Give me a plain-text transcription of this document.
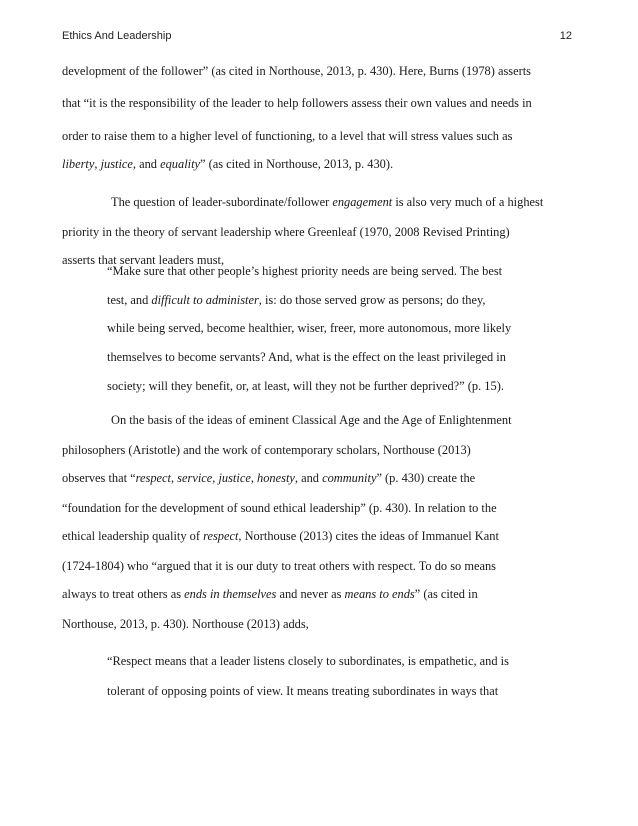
Ethics And Leadership	12
development of the follower” (as cited in Northouse, 2013, p. 430). Here, Burns (1978) asserts
that “it is the responsibility of the leader to help followers assess their own values and needs in
order to raise them to a higher level of functioning, to a level that will stress values such as
liberty, justice, and equality” (as cited in Northouse, 2013, p. 430).
The question of leader-subordinate/follower engagement is also very much of a highest
priority in the theory of servant leadership where Greenleaf (1970, 2008 Revised Printing)
asserts that servant leaders must,
“Make sure that other people’s highest priority needs are being served. The best
test, and difficult to administer, is: do those served grow as persons; do they,
while being served, become healthier, wiser, freer, more autonomous, more likely
themselves to become servants? And, what is the effect on the least privileged in
society; will they benefit, or, at least, will they not be further deprived?” (p. 15).
On the basis of the ideas of eminent Classical Age and the Age of Enlightenment
philosophers (Aristotle) and the work of contemporary scholars, Northouse (2013)
observes that “respect, service, justice, honesty, and community” (p. 430) create the
“foundation for the development of sound ethical leadership” (p. 430). In relation to the
ethical leadership quality of respect, Northouse (2013) cites the ideas of Immanuel Kant
(1724-1804) who “argued that it is our duty to treat others with respect. To do so means
always to treat others as ends in themselves and never as means to ends” (as cited in
Northouse, 2013, p. 430). Northouse (2013) adds,
“Respect means that a leader listens closely to subordinates, is empathetic, and is
tolerant of opposing points of view. It means treating subordinates in ways that
